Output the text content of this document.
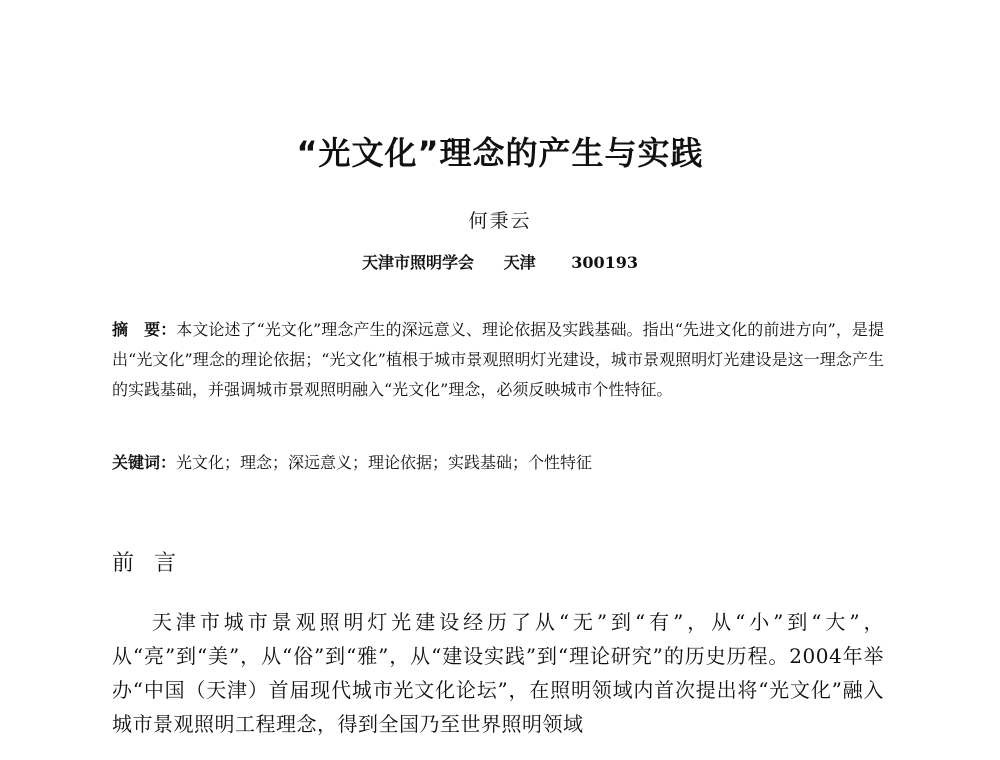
“光文化”理念的产生与实践
何秉云
天津市照明学会 天津 300193
摘　要：本文论述了“光文化”理念产生的深远意义、理论依据及实践基础。指出“先进文化的前进方向”，是提出“光文化”理念的理论依据；“光文化”植根于城市景观照明灯光建设，城市景观照明灯光建设是这一理念产生的实践基础，并强调城市景观照明融入“光文化”理念，必须反映城市个性特征。
关键词：光文化；理念；深远意义；理论依据；实践基础；个性特征
前言
天津市城市景观照明灯光建设经历了从“无”到“有”，从“小”到“大”，从“亮”到“美”，从“俗”到“雅”，从“建设实践”到“理论研究”的历史历程。2004年举办“中国（天津）首届现代城市光文化论坛”，在照明领域内首次提出将“光文化”融入城市景观照明工程理念，得到全国乃至世界照明领域
